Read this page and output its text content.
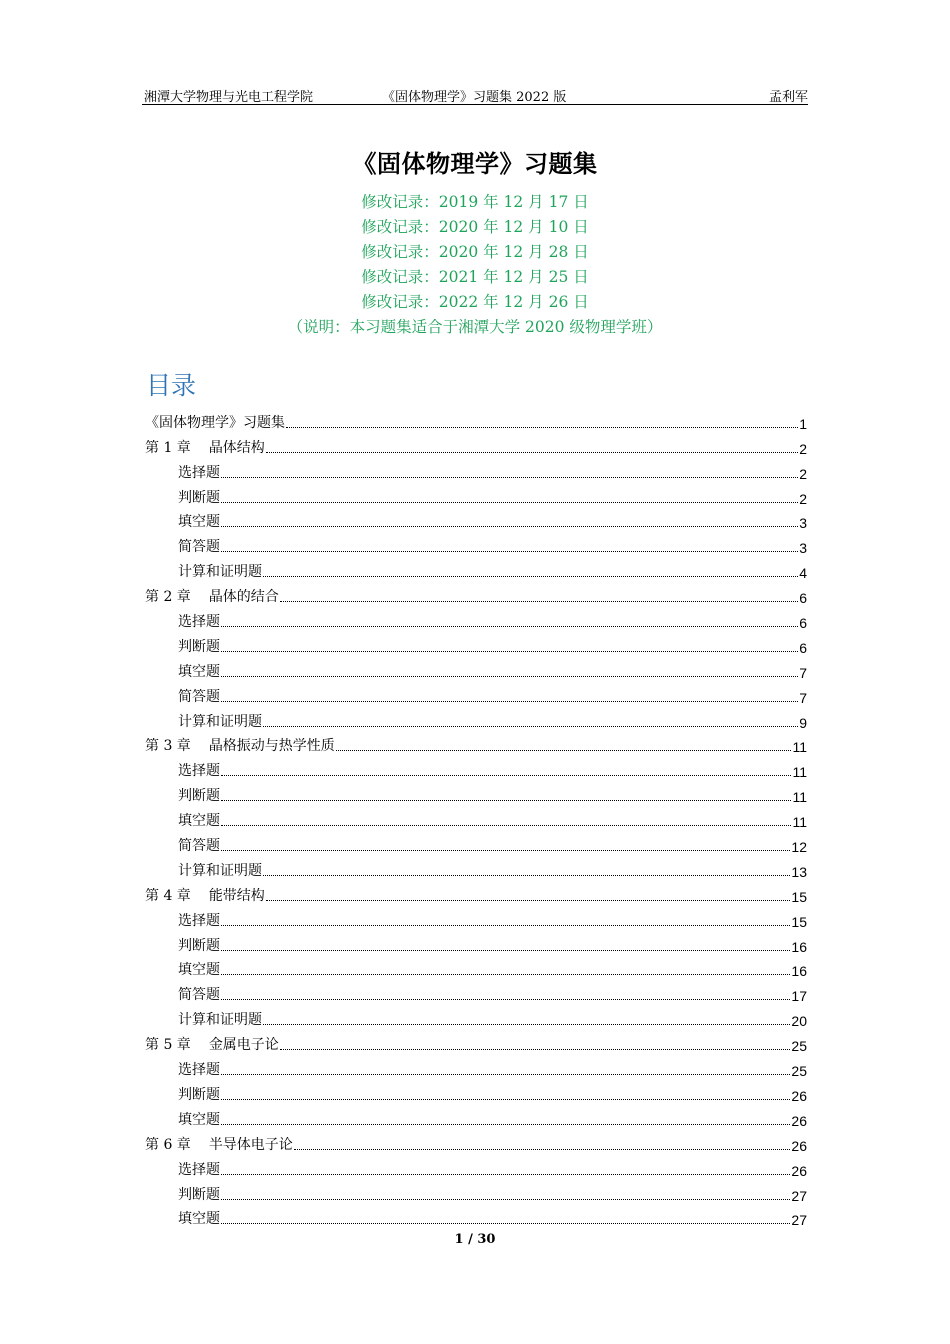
湘潭大学物理与光电工程学院	《固体物理学》习题集 2022 版	孟利军
《固体物理学》习题集
修改记录：2019 年 12 月 17 日
修改记录：2020 年 12 月 10 日
修改记录：2020 年 12 月 28 日
修改记录：2021 年 12 月 25 日
修改记录：2022 年 12 月 26 日
（说明：本习题集适合于湘潭大学 2020 级物理学班）
目录
《固体物理学》习题集	1
第 1 章 晶体结构	2
选择题	2
判断题	2
填空题	3
简答题	3
计算和证明题	4
第 2 章 晶体的结合	6
选择题	6
判断题	6
填空题	7
简答题	7
计算和证明题	9
第 3 章 晶格振动与热学性质	11
选择题	11
判断题	11
填空题	11
简答题	12
计算和证明题	13
第 4 章 能带结构	15
选择题	15
判断题	16
填空题	16
简答题	17
计算和证明题	20
第 5 章 金属电子论	25
选择题	25
判断题	26
填空题	26
第 6 章 半导体电子论	26
选择题	26
判断题	27
填空题	27
1 / 30
